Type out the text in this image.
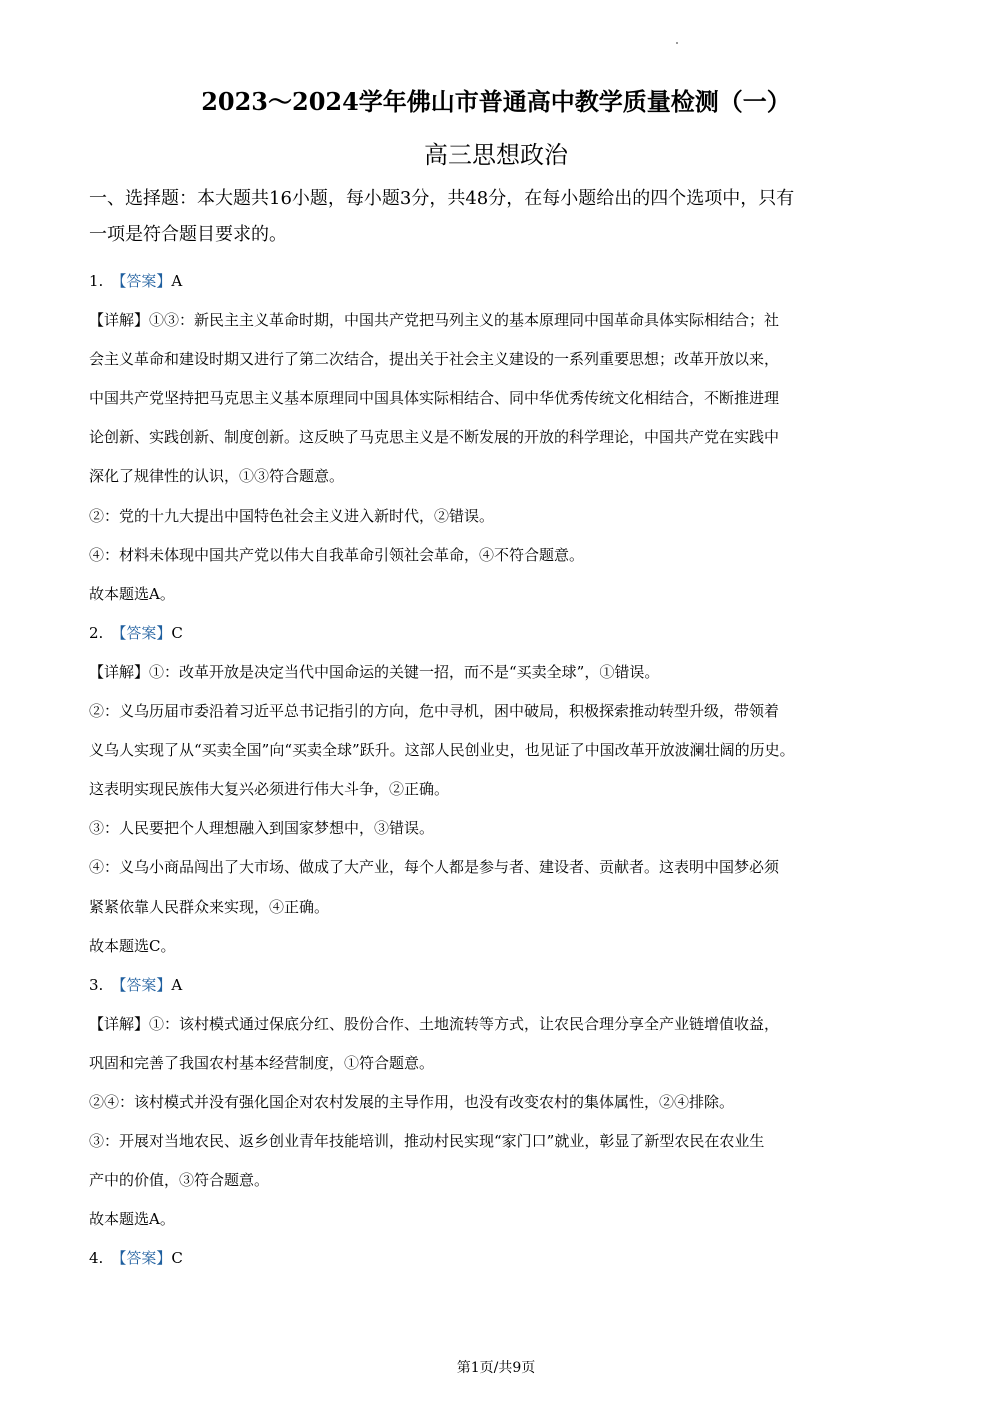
2023～2024学年佛山市普通高中教学质量检测（一）
高三思想政治
一、选择题：本大题共16小题，每小题3分，共48分，在每小题给出的四个选项中，只有
一项是符合题目要求的。
1. 【答案】A
【详解】①③：新民主主义革命时期，中国共产党把马列主义的基本原理同中国革命具体实际相结合；社
会主义革命和建设时期又进行了第二次结合，提出关于社会主义建设的一系列重要思想；改革开放以来，
中国共产党坚持把马克思主义基本原理同中国具体实际相结合、同中华优秀传统文化相结合，不断推进理
论创新、实践创新、制度创新。这反映了马克思主义是不断发展的开放的科学理论，中国共产党在实践中
深化了规律性的认识，①③符合题意。
②：党的十九大提出中国特色社会主义进入新时代，②错误。
④：材料未体现中国共产党以伟大自我革命引领社会革命，④不符合题意。
故本题选A。
2. 【答案】C
【详解】①：改革开放是决定当代中国命运的关键一招，而不是“买卖全球”，①错误。
②：义乌历届市委沿着习近平总书记指引的方向，危中寻机，困中破局，积极探索推动转型升级，带领着
义乌人实现了从“买卖全国”向“买卖全球”跃升。这部人民创业史，也见证了中国改革开放波澜壮阔的历史。
这表明实现民族伟大复兴必须进行伟大斗争，②正确。
③：人民要把个人理想融入到国家梦想中，③错误。
④：义乌小商品闯出了大市场、做成了大产业，每个人都是参与者、建设者、贡献者。这表明中国梦必须
紧紧依靠人民群众来实现，④正确。
故本题选C。
3. 【答案】A
【详解】①：该村模式通过保底分红、股份合作、土地流转等方式，让农民合理分享全产业链增值收益，
巩固和完善了我国农村基本经营制度，①符合题意。
②④：该村模式并没有强化国企对农村发展的主导作用，也没有改变农村的集体属性，②④排除。
③：开展对当地农民、返乡创业青年技能培训，推动村民实现“家门口”就业，彰显了新型农民在农业生
产中的价值，③符合题意。
故本题选A。
4. 【答案】C
第1页/共9页
